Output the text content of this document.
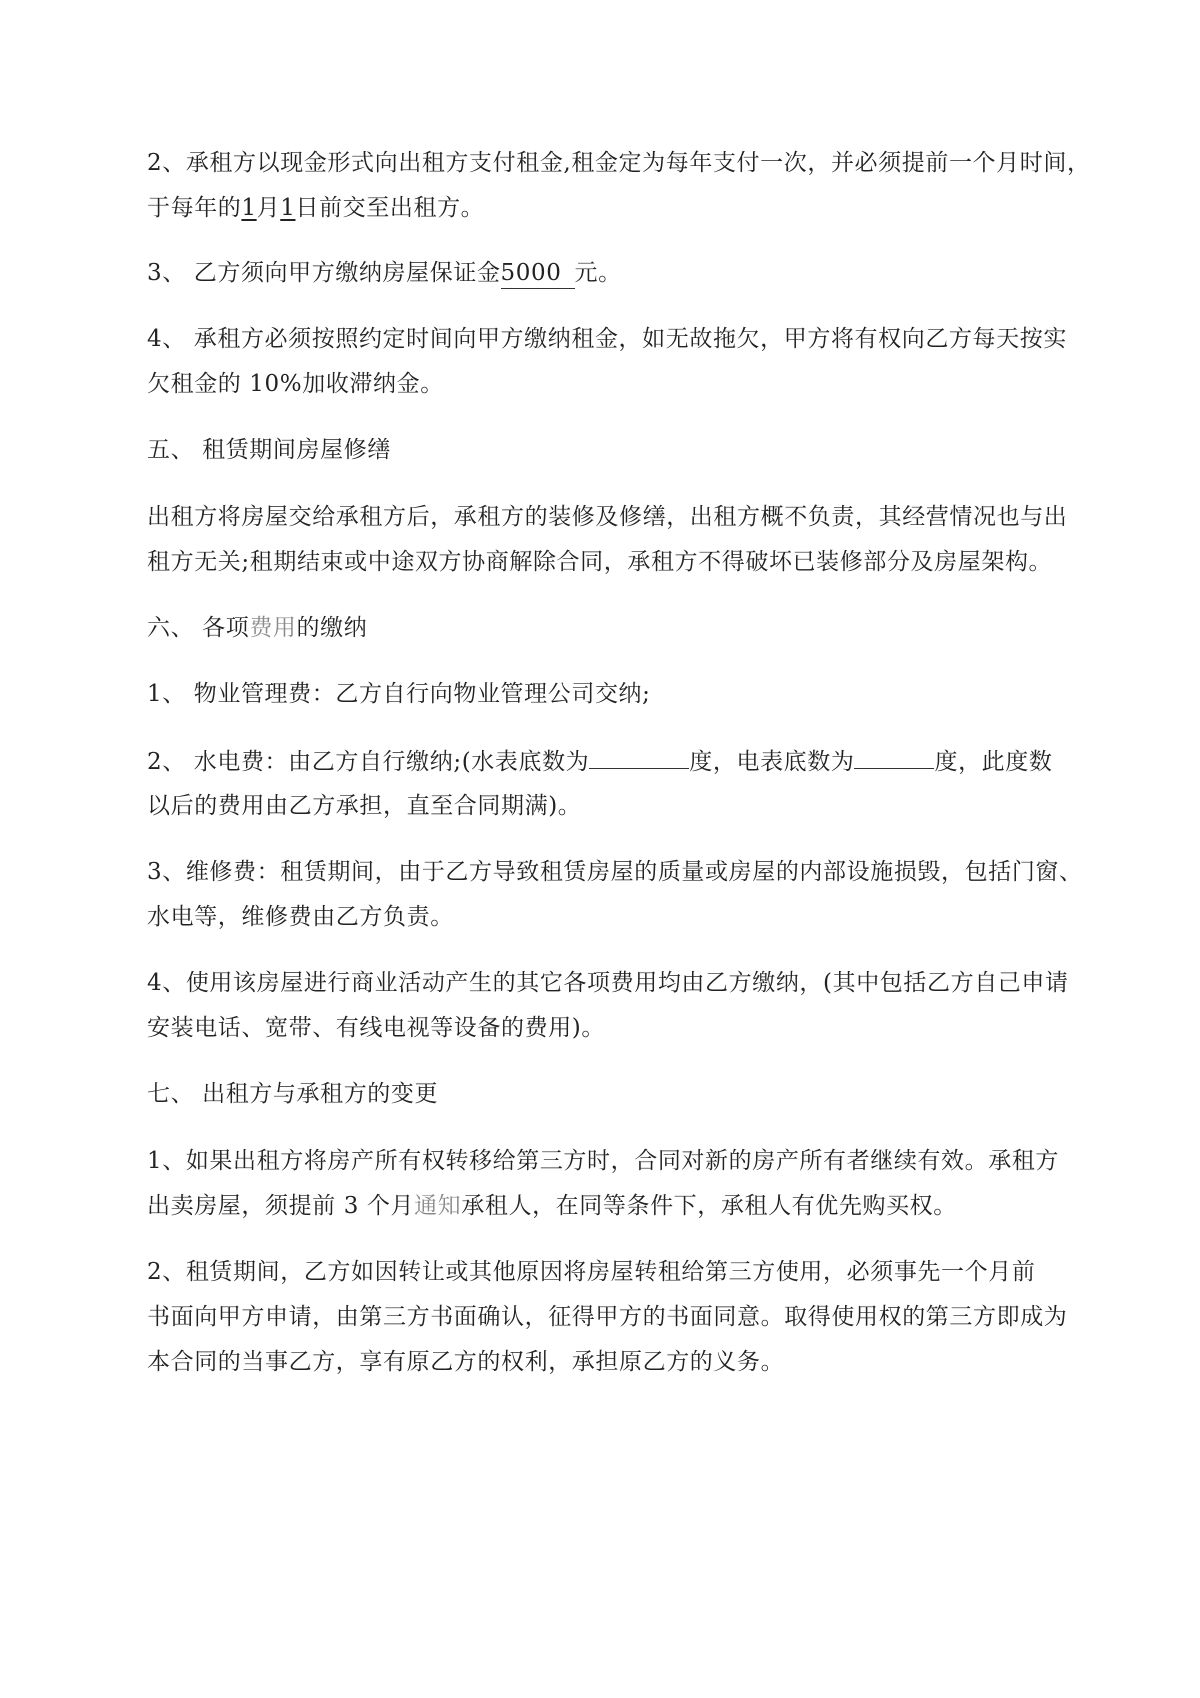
2、承租方以现金形式向出租方支付租金,租金定为每年支付一次，并必须提前一个月时间，
于每年的1月1日前交至出租方。
3、 乙方须向甲方缴纳房屋保证金5000 元。
4、 承租方必须按照约定时间向甲方缴纳租金，如无故拖欠，甲方将有权向乙方每天按实
欠租金的 10%加收滞纳金。
五、 租赁期间房屋修缮
出租方将房屋交给承租方后，承租方的装修及修缮，出租方概不负责，其经营情况也与出
租方无关;租期结束或中途双方协商解除合同，承租方不得破坏已装修部分及房屋架构。
六、 各项费用的缴纳
1、 物业管理费：乙方自行向物业管理公司交纳;
2、 水电费：由乙方自行缴纳;(水表底数为	度，电表底数为	度，此度数
以后的费用由乙方承担，直至合同期满)。
3、维修费：租赁期间，由于乙方导致租赁房屋的质量或房屋的内部设施损毁，包括门窗、
水电等，维修费由乙方负责。
4、使用该房屋进行商业活动产生的其它各项费用均由乙方缴纳，(其中包括乙方自己申请
安装电话、宽带、有线电视等设备的费用)。
七、 出租方与承租方的变更
1、如果出租方将房产所有权转移给第三方时，合同对新的房产所有者继续有效。承租方
出卖房屋，须提前 3 个月通知承租人，在同等条件下，承租人有优先购买权。
2、租赁期间，乙方如因转让或其他原因将房屋转租给第三方使用，必须事先一个月前
书面向甲方申请，由第三方书面确认，征得甲方的书面同意。取得使用权的第三方即成为
本合同的当事乙方，享有原乙方的权利，承担原乙方的义务。
